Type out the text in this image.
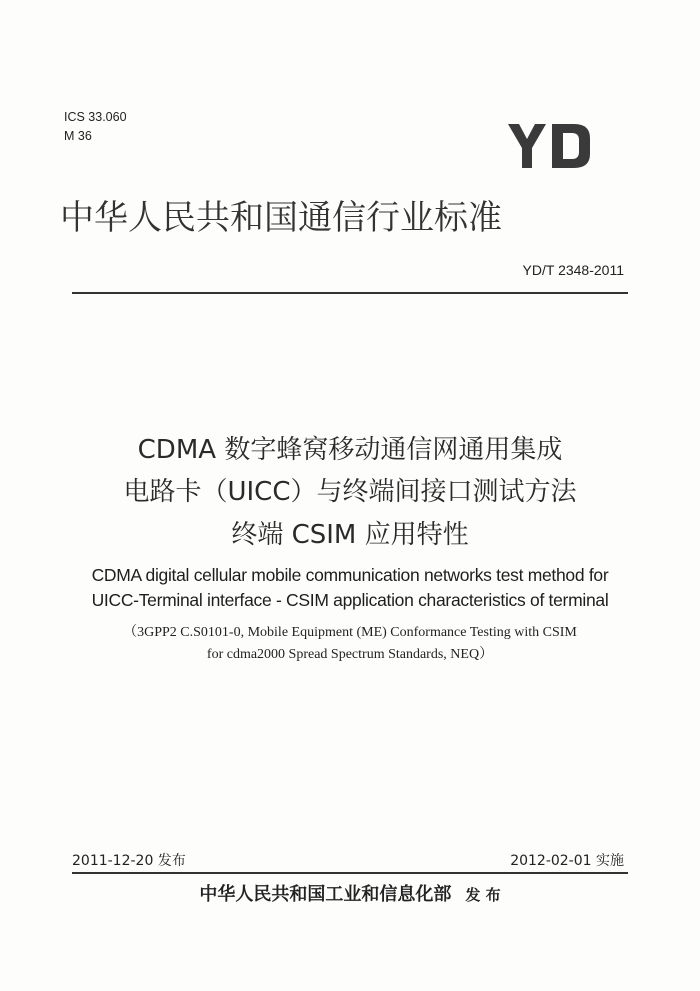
ICS 33.060
M 36
中华人民共和国通信行业标准
YD/T 2348-2011
CDMA 数字蜂窝移动通信网通用集成
电路卡（UICC）与终端间接口测试方法
终端 CSIM 应用特性
CDMA digital cellular mobile communication networks test method for
UICC-Terminal interface - CSIM application characteristics of terminal
（3GPP2 C.S0101-0, Mobile Equipment (ME) Conformance Testing with CSIM
for cdma2000 Spread Spectrum Standards, NEQ）
2011-12-20 发布	2012-02-01 实施
中华人民共和国工业和信息化部 发 布
